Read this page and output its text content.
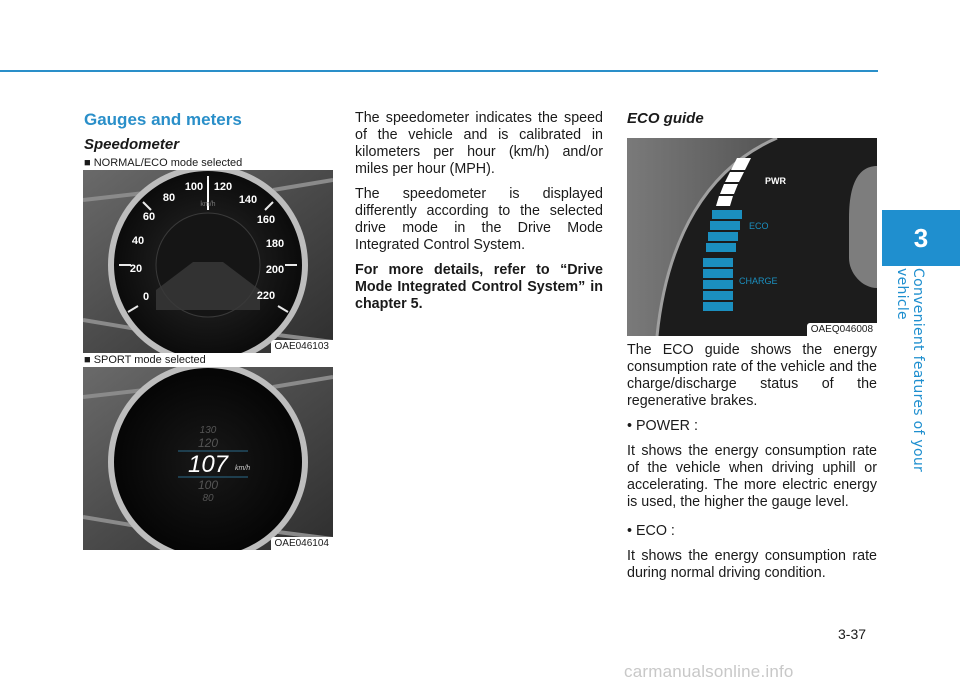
3
Convenient features of your vehicle
Gauges and meters
Speedometer
■ NORMAL/ECO mode selected
0
20
40
60
80
100 120
140
160
180
200
220
km/h
OAE046103
■ SPORT mode selected
130
120
100
80
107 km/h
OAE046104

The speedometer indicates the speed of the vehicle and is calibrated in kilometers per hour (km/h) and/or miles per hour (MPH).

The speedometer is displayed differently according to the selected drive mode in the Drive Mode Integrated Control System.

For more details, refer to “Drive Mode Integrated Control System” in chapter 5.

ECO guide
PWR
ECO
CHARGE
OAEQ046008

The ECO guide shows the energy consumption rate of the vehicle and the charge/discharge status of the regenerative brakes.

• POWER :

It shows the energy consumption rate of the vehicle when driving uphill or accelerating. The more electric energy is used, the higher the gauge level.

• ECO :

It shows the energy consumption rate during normal driving condition.

3-37
carmanualsonline.info
